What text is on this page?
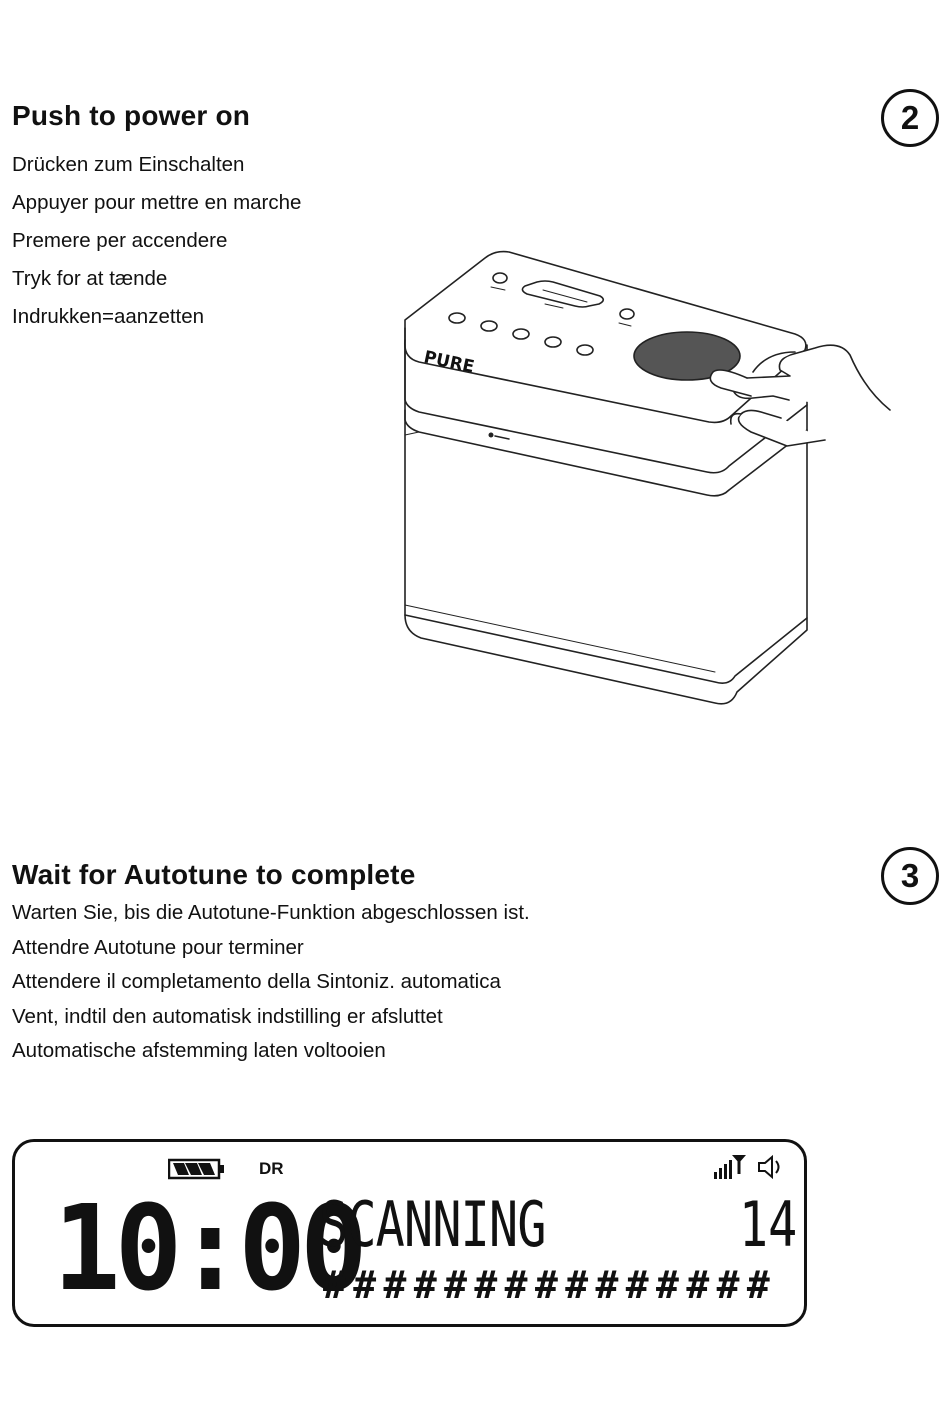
Push to power on	2
Drücken zum Einschalten
Appuyer pour mettre en marche
Premere per accendere
Tryk for at tænde
Indrukken=aanzetten
PURE
Wait for Autotune to complete	3
Warten Sie, bis die Autotune-Funktion abgeschlossen ist.
Attendre Autotune pour terminer
Attendere il completamento della Sintoniz. automatica
Vent, indtil den automatisk indstilling er afsluttet
Automatische afstemming laten voltooien
DR
10:00
SCANNING	14
###############
